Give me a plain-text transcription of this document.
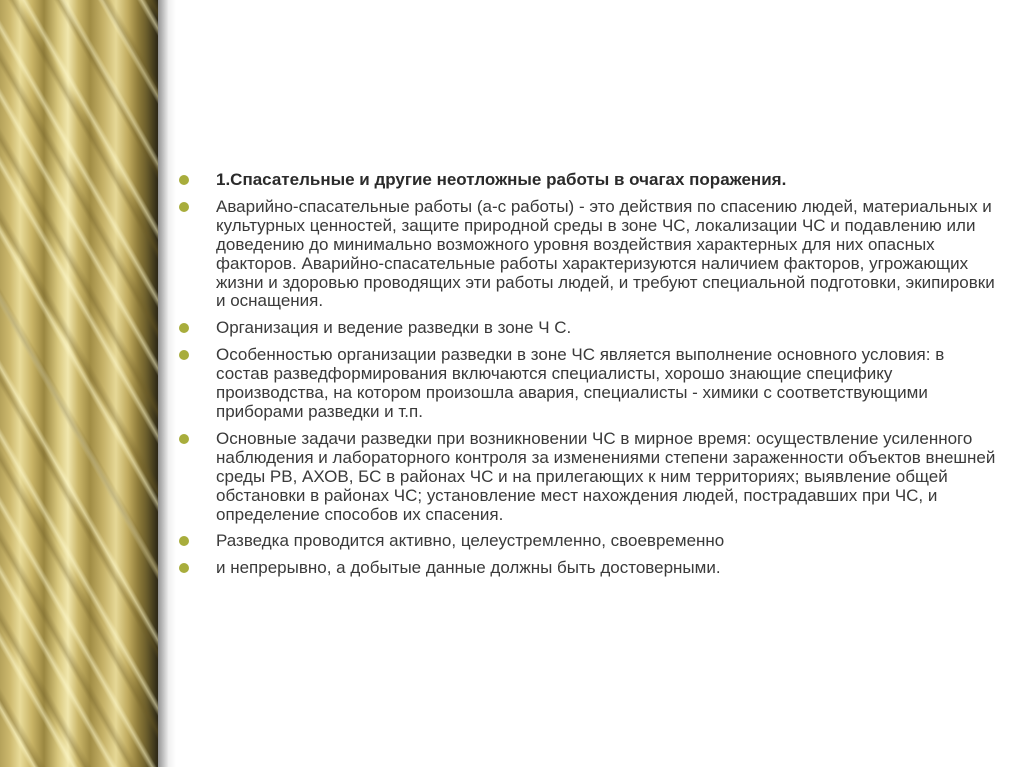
1.Спасательные и другие неотложные работы в очагах поражения.
Аварийно-спасательные работы (а-с работы) - это действия по спасению людей, материальных и культурных ценностей, защите природной среды в зоне ЧС, локализации ЧС и подавлению или доведению до минимально возможного уровня воздействия характерных для них опасных факторов. Аварийно-спасательные работы характеризуются наличием факторов, угрожающих жизни и здоровью проводящих эти работы людей, и требуют специальной подготовки, экипировки и оснащения.
Организация и ведение разведки в зоне Ч С.
Особенностью организации разведки в зоне ЧС является выполнение основного условия: в состав разведформирования включаются специалисты, хорошо знающие специфику производства, на котором произошла авария, специалисты - химики с соответствующими приборами разведки и т.п.
Основные задачи разведки при возникновении ЧС в мирное время: осуществление усиленного наблюдения и лабораторного контроля за изменениями степени зараженности объектов внешней среды РВ, АХОВ, БС в районах ЧС и на прилегающих к ним территориях; выявление общей обстановки в районах ЧС; установление мест нахождения людей, пострадавших при ЧС, и определение способов их спасения.
Разведка проводится активно, целеустремленно, своевременно
и непрерывно, а добытые данные должны быть достоверными.
